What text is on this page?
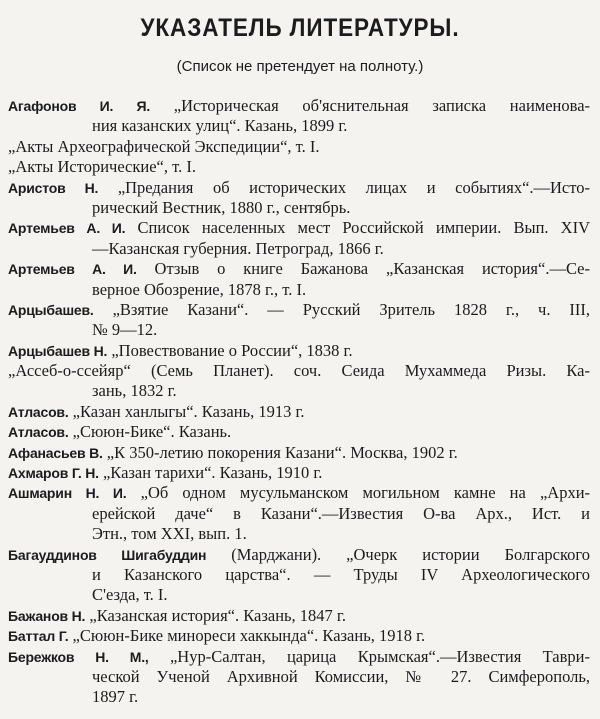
УКАЗАТЕЛЬ ЛИТЕРАТУРЫ.
(Список не претендует на полноту.)
Агафонов И. Я. „Историческая об'яснительная записка наименова-
ния казанских улиц“. Казань, 1899 г.
„Акты Археографической Экспедиции“, т. I.
„Акты Исторические“, т. I.
Аристов Н. „Предания об исторических лицах и событиях“.—Исто-
рический Вестник, 1880 г., сентябрь.
Артемьев А. И. Список населенных мест Российской империи. Вып. XIV
—Казанская губерния. Петроград, 1866 г.
Артемьев А. И. Отзыв о книге Бажанова „Казанская история“.—Се-
верное Обозрение, 1878 г., т. I.
Арцыбашев. „Взятие Казани“. — Русский Зритель 1828 г., ч. III,
№ 9—12.
Арцыбашев Н. „Повествование о России“, 1838 г.
„Ассеб-о-ссейяр“ (Семь Планет). соч. Сеида Мухаммеда Ризы. Ка-
зань, 1832 г.
Атласов. „Казан ханлыгы“. Казань, 1913 г.
Атласов. „Сююн-Бике“. Казань.
Афанасьев В. „К 350-летию покорения Казани“. Москва, 1902 г.
Ахмаров Г. Н. „Казан тарихи“. Казань, 1910 г.
Ашмарин Н. И. „Об одном мусульманском могильном камне на „Архи-
ерейской даче“ в Казани“.—Известия О-ва Арх., Ист. и
Этн., том XXI, вып. 1.
Багауддинов Шигабуддин (Марджани). „Очерк истории Болгарского
и Казанского царства“. — Труды IV Археологического
С'езда, т. I.
Бажанов Н. „Казанская история“. Казань, 1847 г.
Баттал Г. „Сююн-Бике минореси хаккында“. Казань, 1918 г.
Бережков Н. М., „Нур-Салтан, царица Крымская“.—Известия Таври-
ческой Ученой Архивной Комиссии, № 27. Симферополь,
1897 г.
